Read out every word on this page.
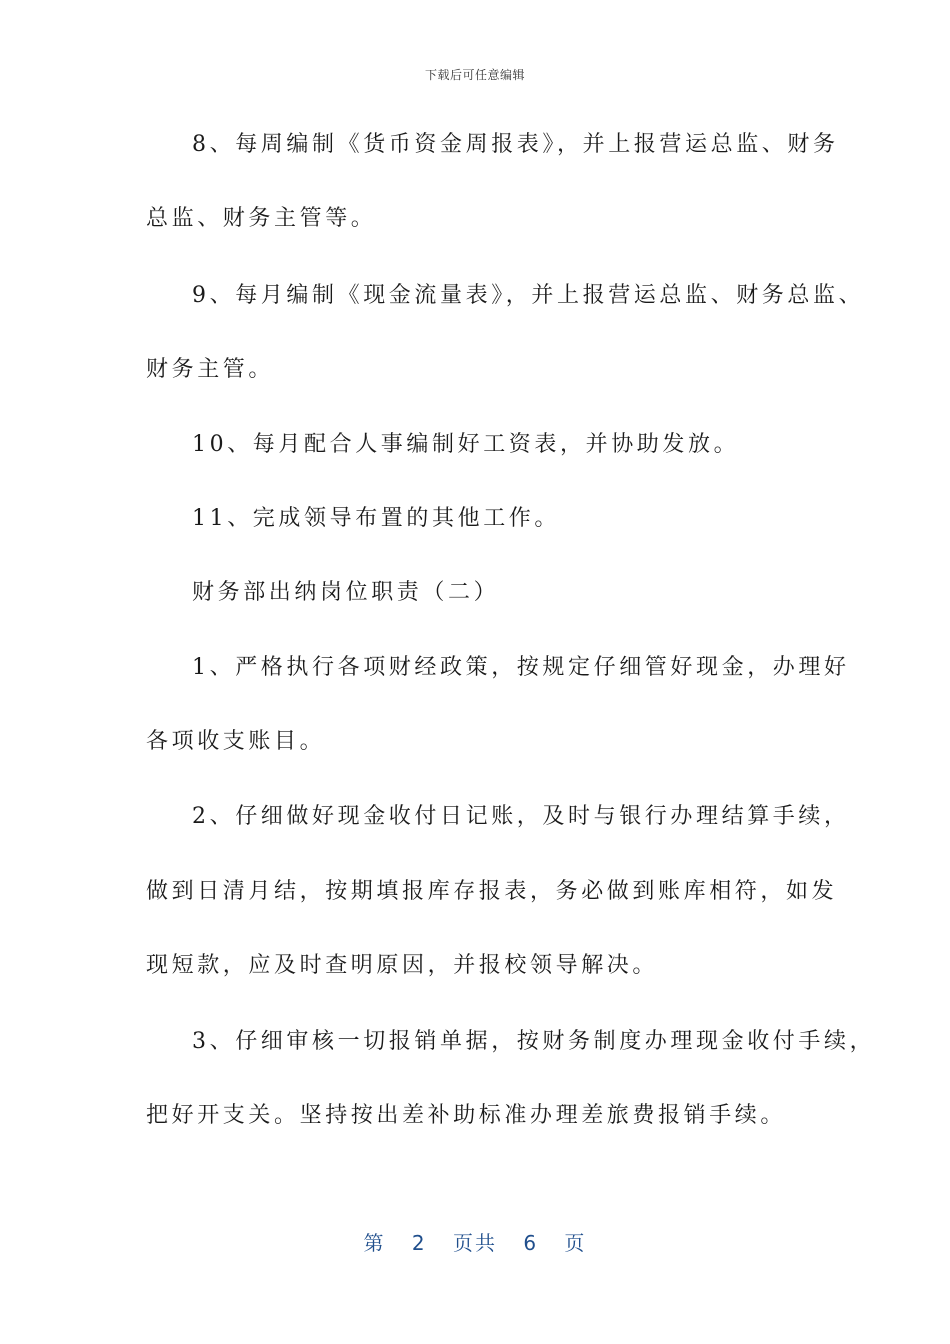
下载后可任意编辑
8、每周编制《货币资金周报表》，并上报营运总监、财务
总监、财务主管等。
9、每月编制《现金流量表》，并上报营运总监、财务总监、
财务主管。
10、每月配合人事编制好工资表，并协助发放。
11、完成领导布置的其他工作。
财务部出纳岗位职责（二）
1、严格执行各项财经政策，按规定仔细管好现金，办理好
各项收支账目。
2、仔细做好现金收付日记账，及时与银行办理结算手续，
做到日清月结，按期填报库存报表，务必做到账库相符，如发
现短款，应及时查明原因，并报校领导解决。
3、仔细审核一切报销单据，按财务制度办理现金收付手续，
把好开支关。坚持按出差补助标准办理差旅费报销手续。
第 2 页共 6 页
